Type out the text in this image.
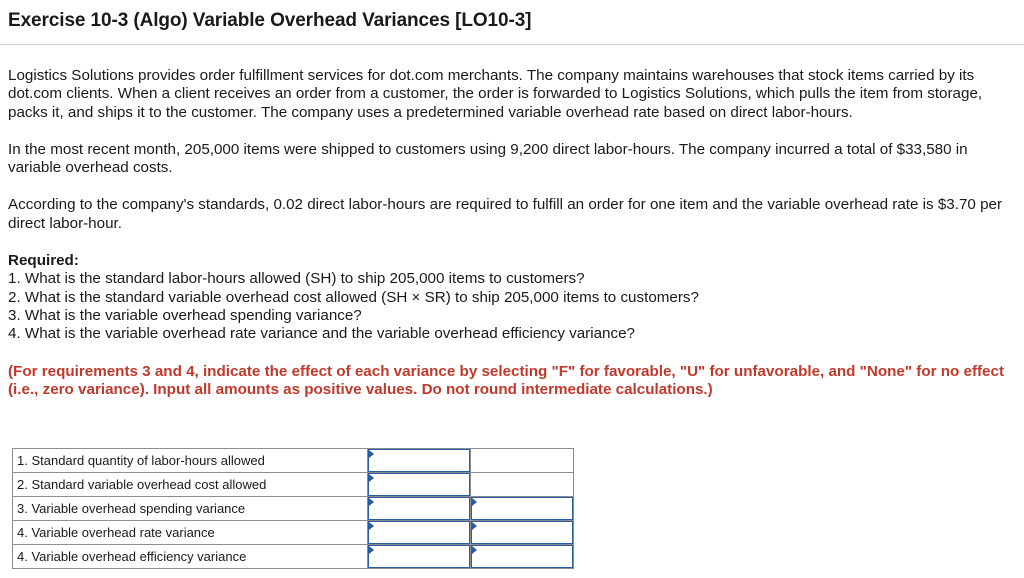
Exercise 10-3 (Algo) Variable Overhead Variances [LO10-3]

Logistics Solutions provides order fulfillment services for dot.com merchants. The company maintains warehouses that stock items carried by its dot.com clients. When a client receives an order from a customer, the order is forwarded to Logistics Solutions, which pulls the item from storage, packs it, and ships it to the customer. The company uses a predetermined variable overhead rate based on direct labor-hours.

In the most recent month, 205,000 items were shipped to customers using 9,200 direct labor-hours. The company incurred a total of $33,580 in variable overhead costs.

According to the company's standards, 0.02 direct labor-hours are required to fulfill an order for one item and the variable overhead rate is $3.70 per direct labor-hour.

Required:

1. What is the standard labor-hours allowed (SH) to ship 205,000 items to customers?
2. What is the standard variable overhead cost allowed (SH × SR) to ship 205,000 items to customers?
3. What is the variable overhead spending variance?
4. What is the variable overhead rate variance and the variable overhead efficiency variance?

(For requirements 3 and 4, indicate the effect of each variance by selecting "F" for favorable, "U" for unfavorable, and "None" for no effect (i.e., zero variance). Input all amounts as positive values. Do not round intermediate calculations.)

1. Standard quantity of labor-hours allowed	

2. Standard variable overhead cost allowed	

3. Variable overhead spending variance	

4. Variable overhead rate variance	

4. Variable overhead efficiency variance	
